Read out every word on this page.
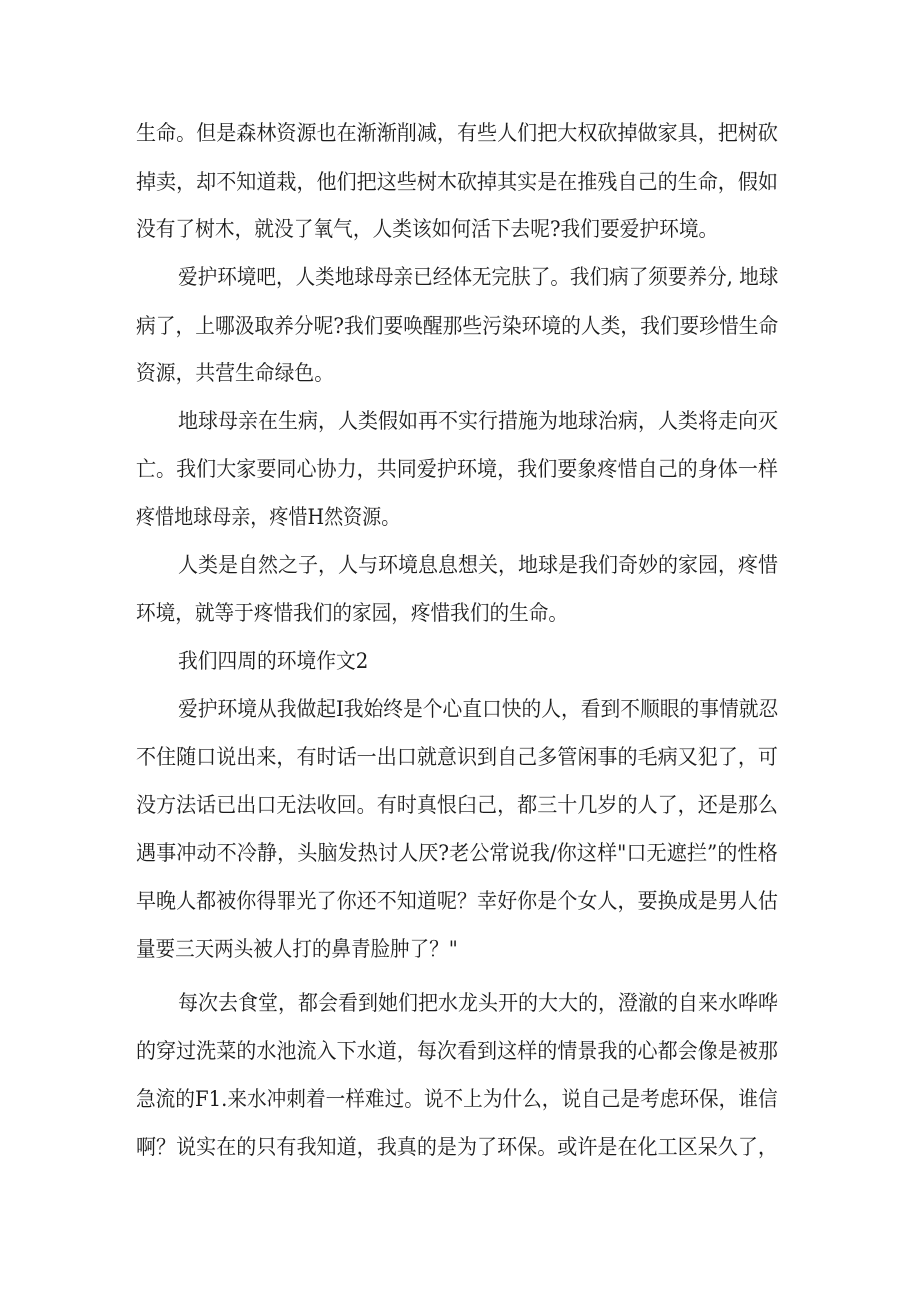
生命。但是森林资源也在渐渐削减，有些人们把大权砍掉做家具，把树砍
掉卖，却不知道栽，他们把这些树木砍掉其实是在推残自己的生命，假如
没有了树木，就没了氧气，人类该如何活下去呢?我们要爱护环境。
爱护环境吧，人类地球母亲已经体无完肤了。我们病了须要养分, 地球
病了，上哪汲取养分呢?我们要唤醒那些污染环境的人类，我们要珍惜生命
资源，共营生命绿色。
地球母亲在生病，人类假如再不实行措施为地球治病，人类将走向灭
亡。我们大家要同心协力，共同爱护环境，我们要象疼惜自己的身体一样
疼惜地球母亲，疼惜H然资源。
人类是自然之子，人与环境息息想关，地球是我们奇妙的家园，疼惜
环境，就等于疼惜我们的家园，疼惜我们的生命。
我们四周的环境作文2
爱护环境从我做起I我始终是个心直口快的人，看到不顺眼的事情就忍
不住随口说出来，有时话一出口就意识到自己多管闲事的毛病又犯了，可
没方法话已出口无法收回。有时真恨臼己，都三十几岁的人了，还是那么
遇事冲动不冷静，头脑发热讨人厌?老公常说我/你这样"口无遮拦”的性格
早晚人都被你得罪光了你还不知道呢？幸好你是个女人，要换成是男人估
量要三天两头被人打的鼻青脸肿了？"
每次去食堂，都会看到她们把水龙头开的大大的，澄澈的自来水哗哗
的穿过洗菜的水池流入下水道，每次看到这样的情景我的心都会像是被那
急流的F1.来水冲刺着一样难过。说不上为什么，说自己是考虑环保，谁信
啊？说实在的只有我知道，我真的是为了环保。或许是在化工区呆久了，
